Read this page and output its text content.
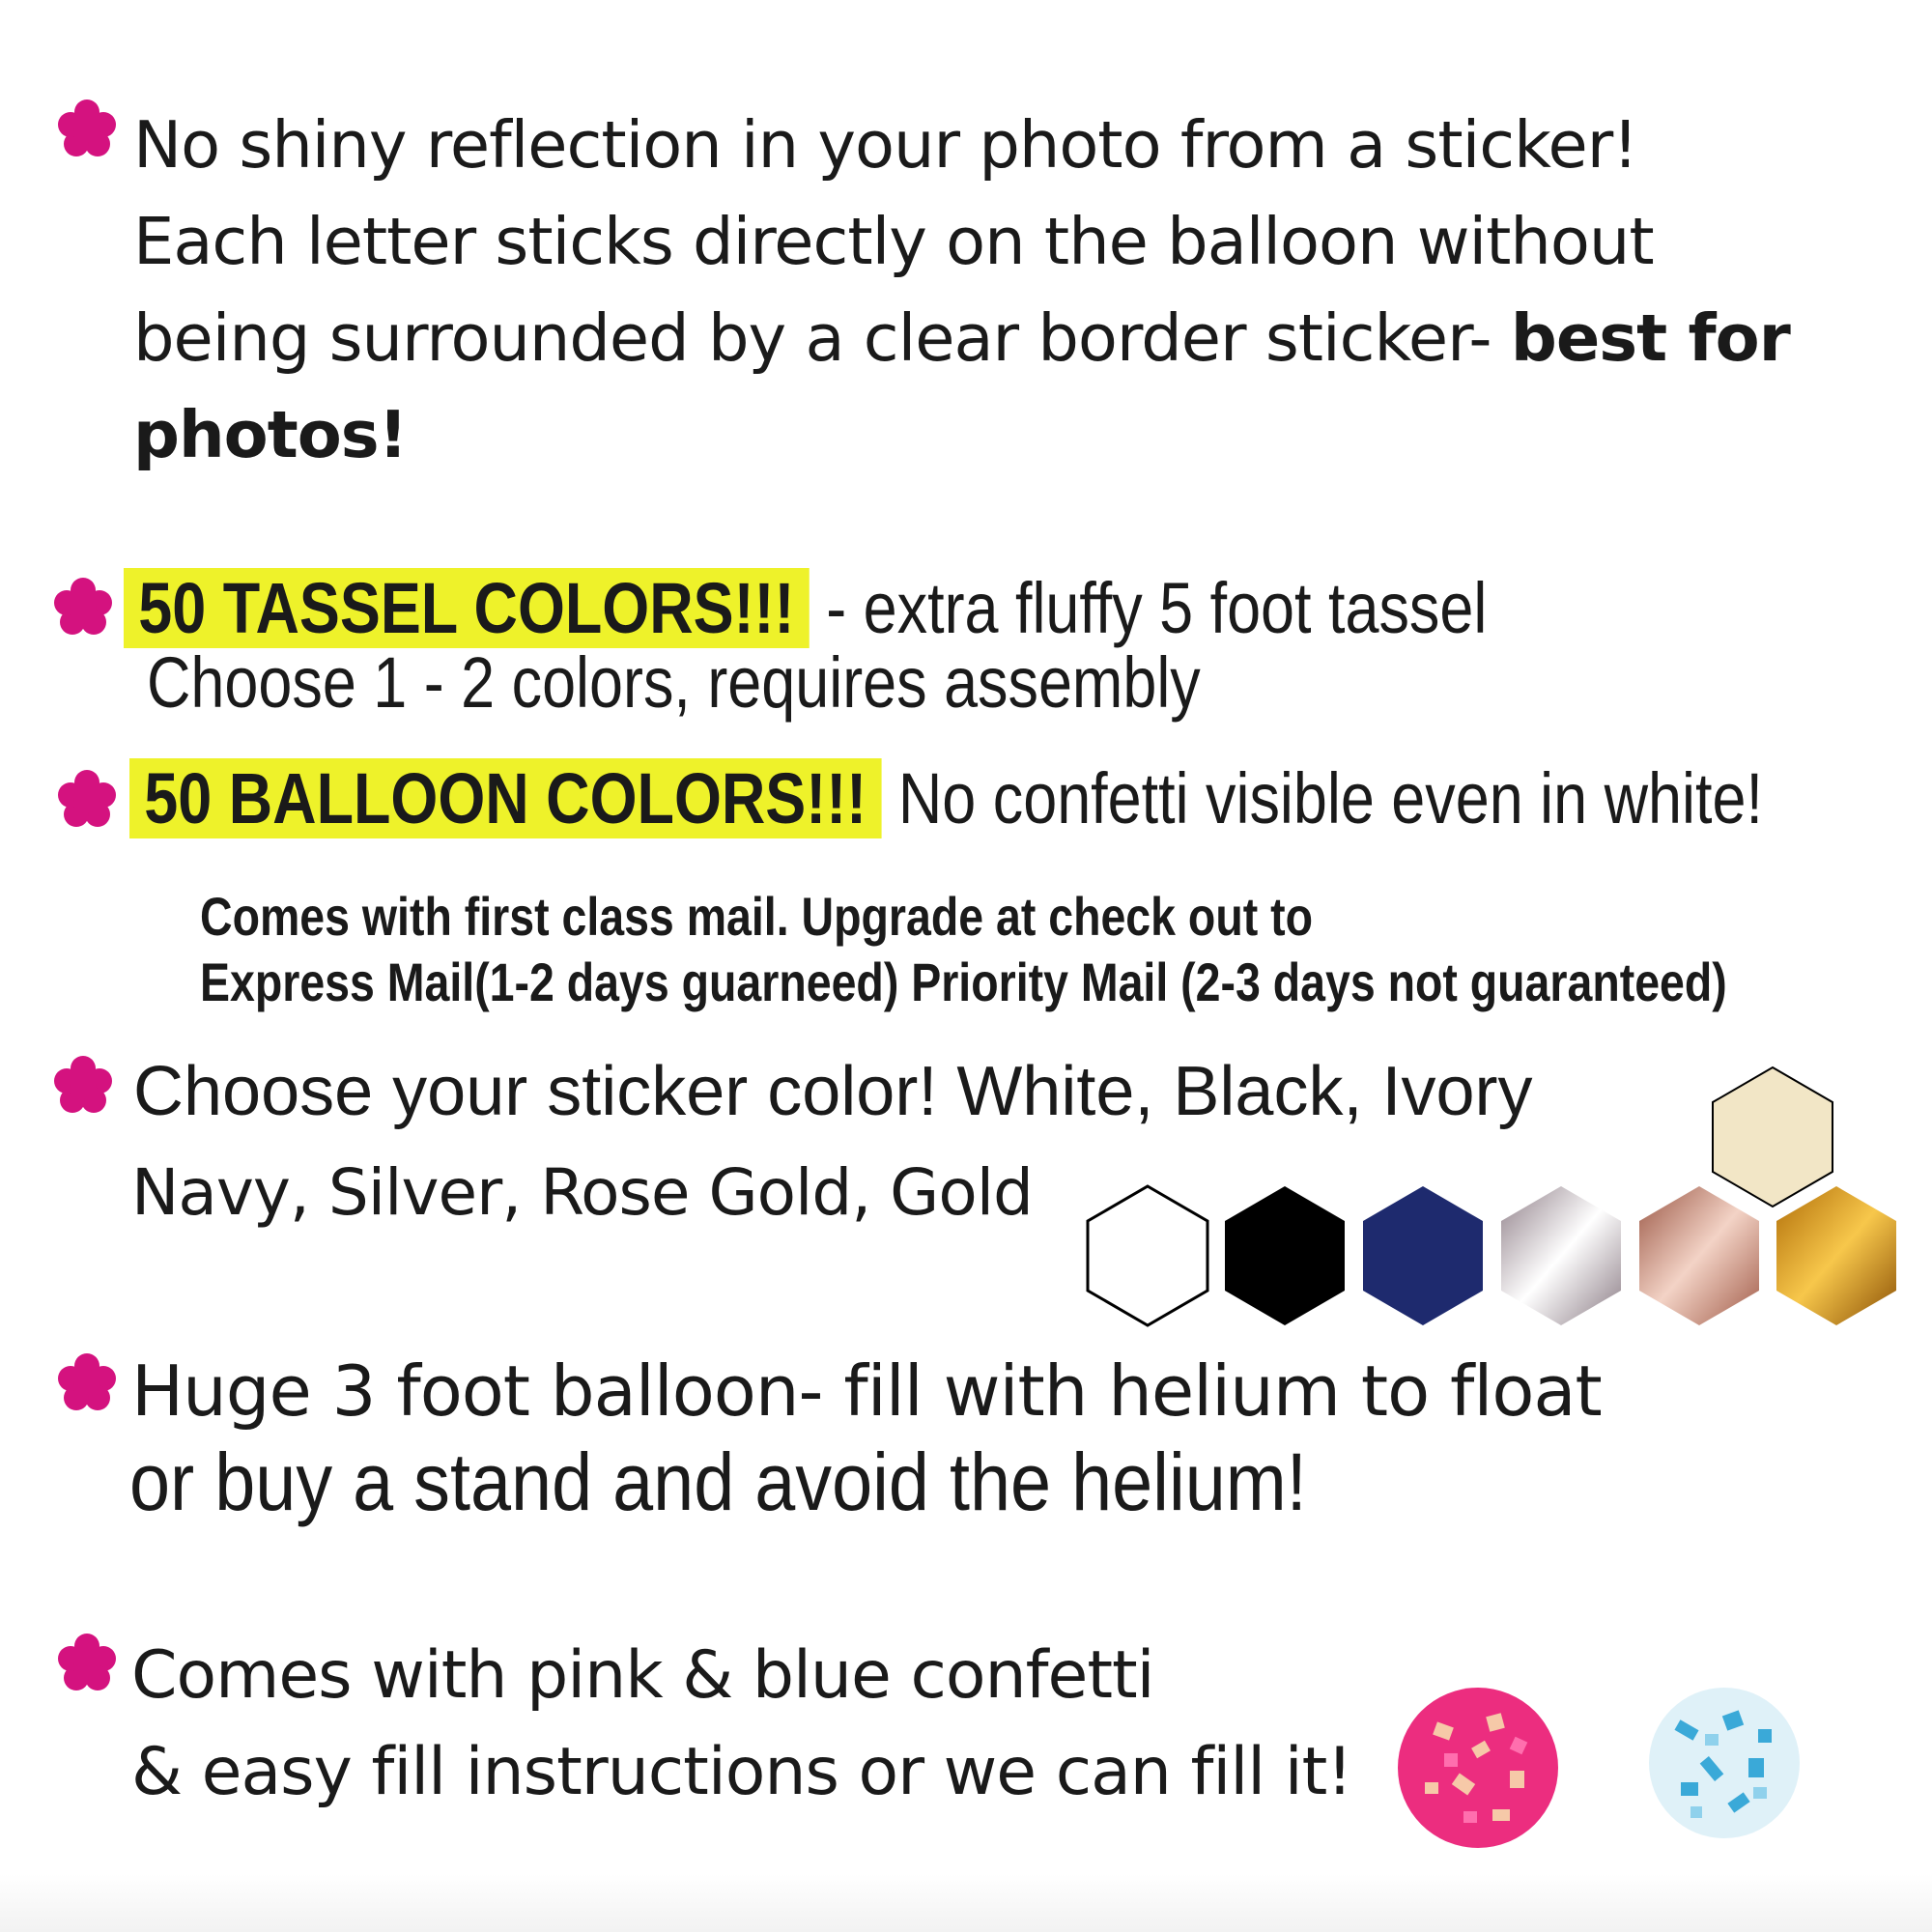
No shiny reflection in your photo from a sticker!
Each letter sticks directly on the balloon without
being surrounded by a clear border sticker- best for
photos!
50 TASSEL COLORS!!! - extra fluffy 5 foot tassel
Choose 1 - 2 colors, requires assembly
50 BALLOON COLORS!!! No confetti visible even in white!
Comes with first class mail. Upgrade at check out to
Express Mail(1-2 days guarneed) Priority Mail (2-3 days not guaranteed)
Choose your sticker color! White, Black, Ivory
Navy, Silver, Rose Gold, Gold
Huge 3 foot balloon- fill with helium to float
or buy a stand and avoid the helium!
Comes with pink & blue confetti
& easy fill instructions or we can fill it!
